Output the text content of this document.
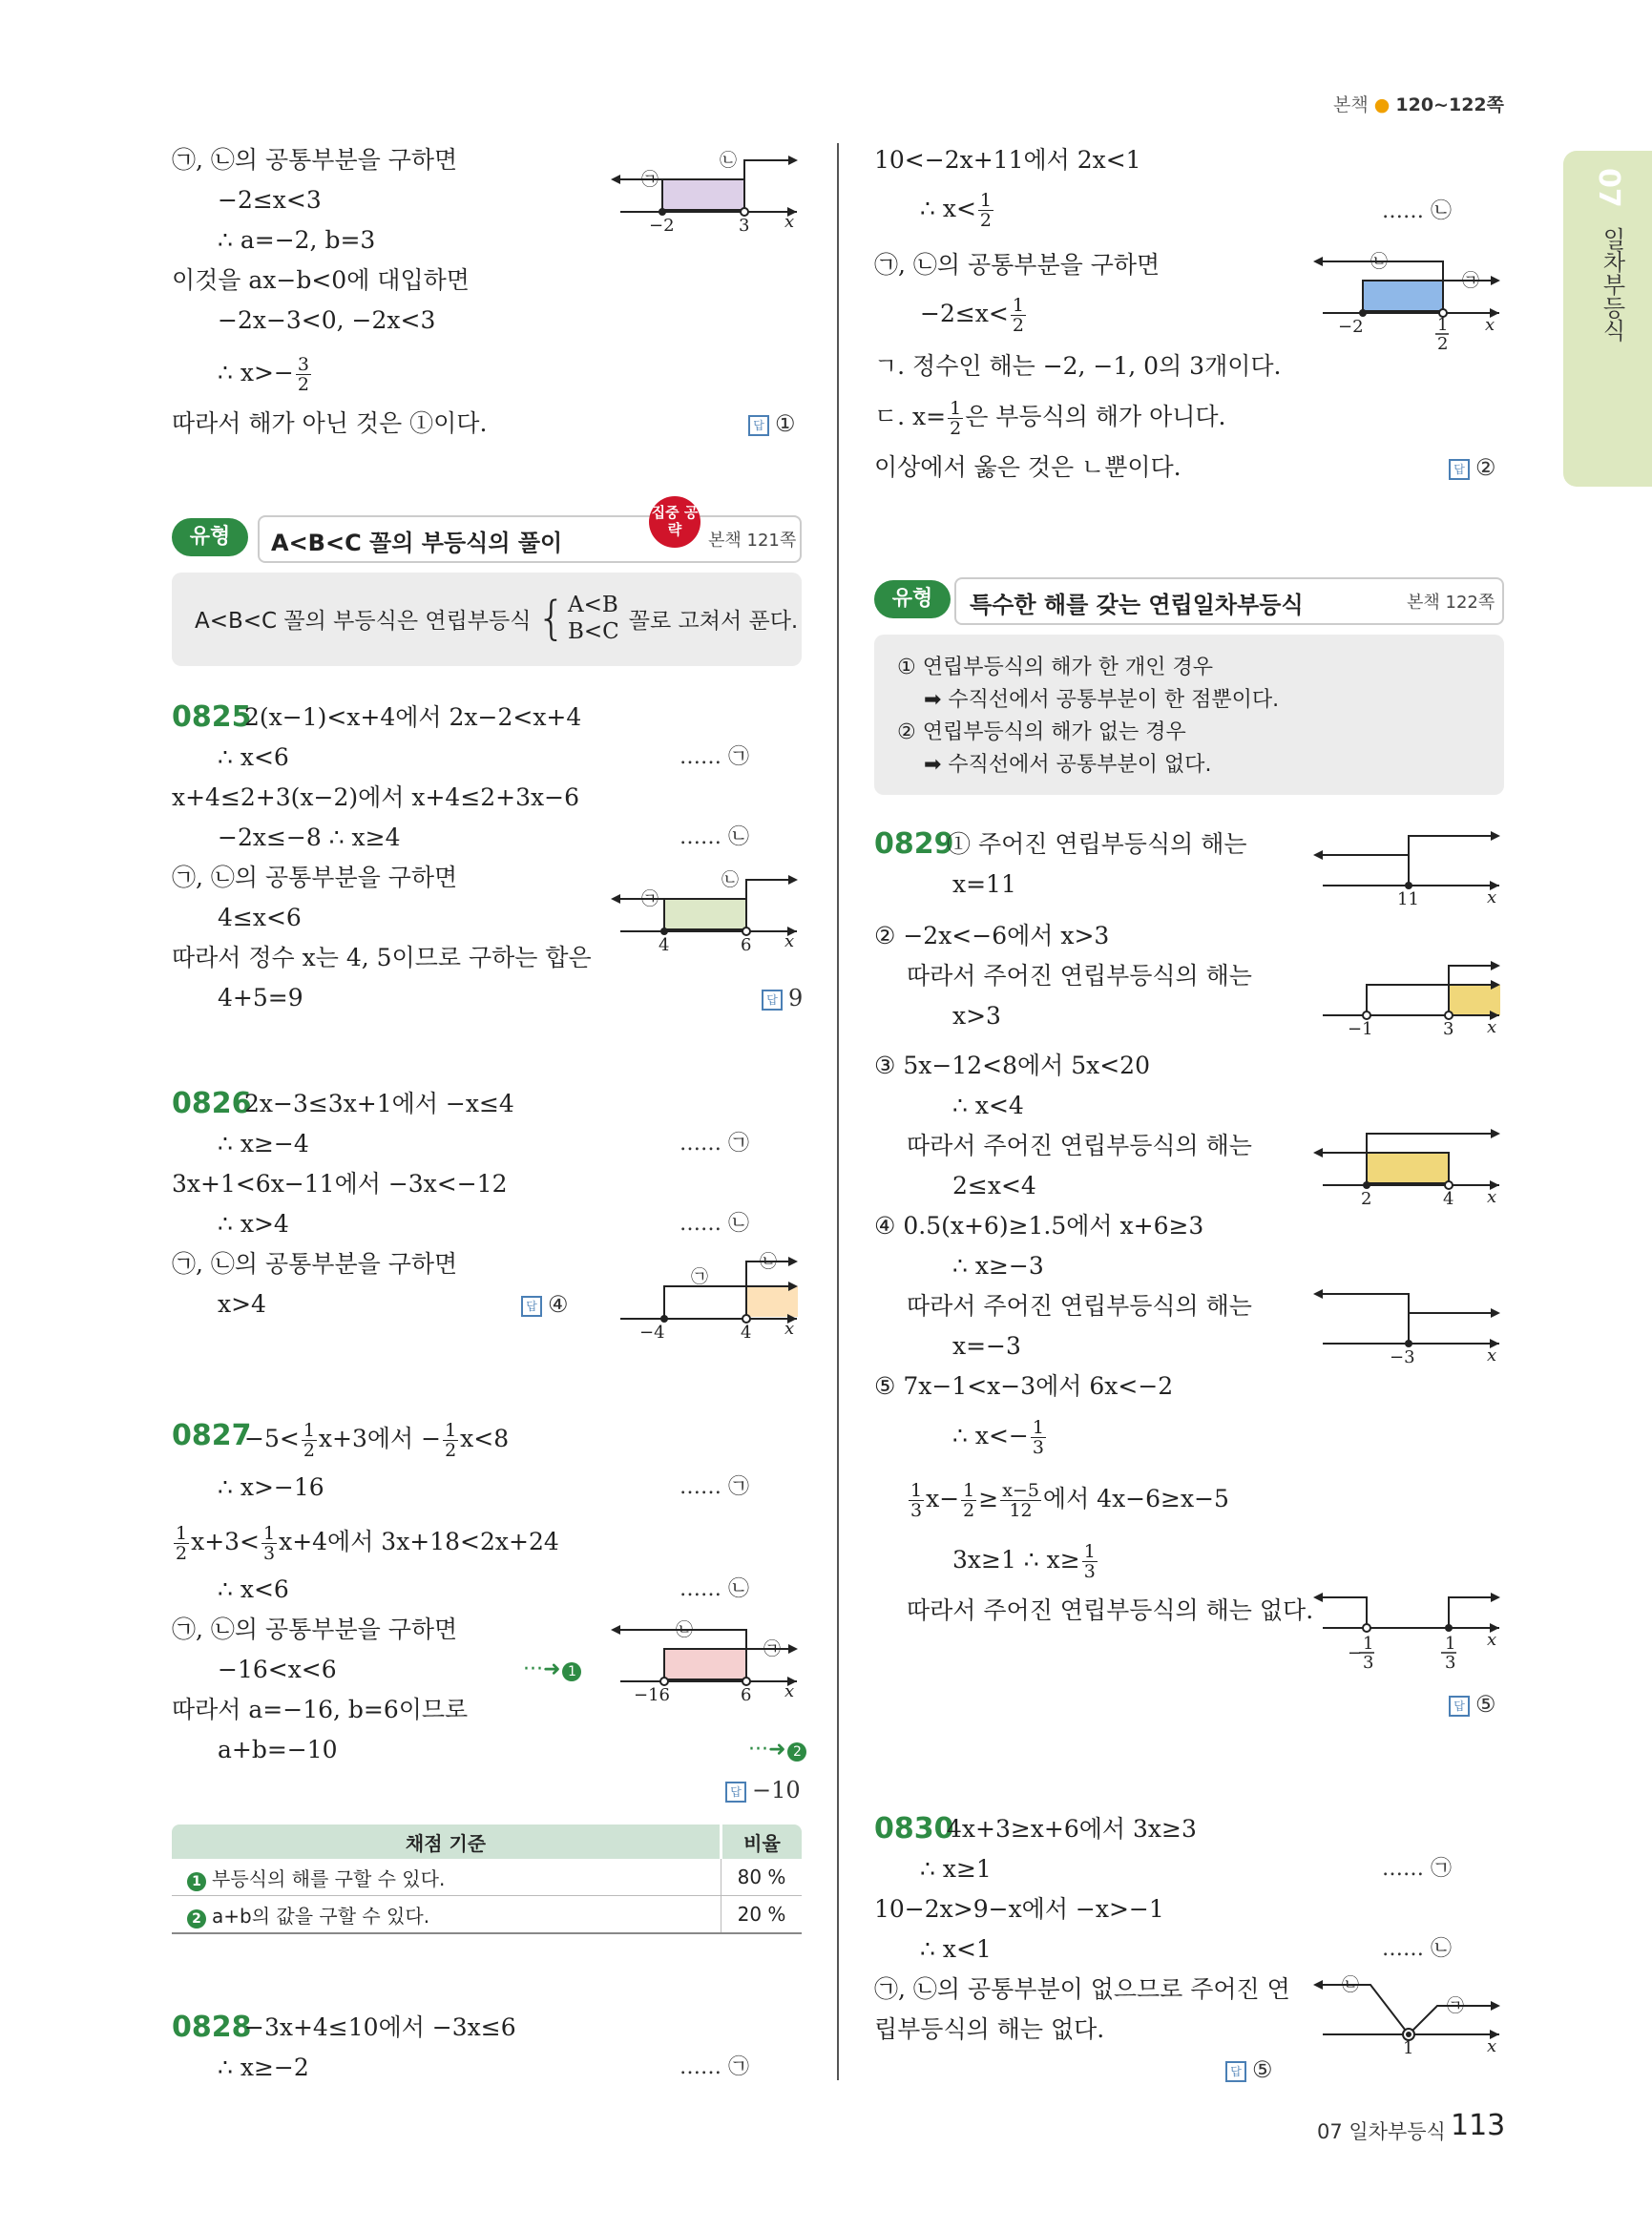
본책 ● 120~122쪽
07
일차부등식
㉠, ㉡의 공통부분을 구하면
−2≤x<3
∴ a=−2, b=3
이것을 ax−b<0에 대입하면
−2x−3<0, −2x<3
∴ $x>- \frac{3}{2}$
따라서 해가 아닌 것은 ①이다.	답 ①
㉠
㉡
−2	3 x
유형	A<B<C 꼴의 부등식의 풀이
집중 공략
본책 121쪽
A<B<C 꼴의 부등식은 연립부등식 { A<B
B<C 꼴로 고쳐서 푼다.
0825
2(x−1)<x+4에서 2x−2<x+4
∴ x<6	…… ㉠
x+4≤2+3(x−2)에서 x+4≤2+3x−6
−2x≤−8 ∴ x≥4	…… ㉡
㉠, ㉡의 공통부분을 구하면
4≤x<6
따라서 정수 x는 4, 5이므로 구하는 합은
4+5=9	답 9
㉠
㉡
4	6 x
0826
2x−3≤3x+1에서 −x≤4
∴ x≥−4	…… ㉠
3x+1<6x−11에서 −3x<−12
∴ x>4	…… ㉡
㉠, ㉡의 공통부분을 구하면
x>4	답 ④
㉠
㉡
−4	4 x
0827
$-5< \frac{1}{2} x+3$에서 − $\frac{1}{2} x<8$
∴ x>−16	…… ㉠
$\frac{1}{2} x+3< \frac{1}{3} x+4$에서 3x+18<2x+24
∴ x<6	…… ㉡
㉠, ㉡의 공통부분을 구하면
−16<x<6	···➜ 1
따라서 a=−16, b=6이므로
a+b=−10	···➜ 2
답 −10
㉠
㉡
−16	6 x
채점 기준	비율
1 부등식의 해를 구할 수 있다.	80 %
2 a+b의 값을 구할 수 있다.	20 %
0828
−3x+4≤10에서 −3x≤6
∴ x≥−2	…… ㉠
10<−2x+11에서 2x<1
∴ $x< \frac{1}{2}$	…… ㉡
㉠, ㉡의 공통부분을 구하면
$-2\le x< \frac{1}{2}$
ㄱ. 정수인 해는 −2, −1, 0의 3개이다.
ㄷ. $x= \frac{1}{2}$ 은 부등식의 해가 아니다.
이상에서 옳은 것은 ㄴ뿐이다.	답 ②
㉠
㉡
−2	1
2
x
유형	특수한 해를 갖는 연립일차부등식	본책 122쪽
① 연립부등식의 해가 한 개인 경우
➡ 수직선에서 공통부분이 한 점뿐이다.
② 연립부등식의 해가 없는 경우
➡ 수직선에서 공통부분이 없다.
0829
① 주어진 연립부등식의 해는
x=11
② −2x<−6에서 x>3
따라서 주어진 연립부등식의 해는
x>3
③ 5x−12<8에서 5x<20
∴ x<4
따라서 주어진 연립부등식의 해는
2≤x<4
④ 0.5(x+6)≥1.5에서 x+6≥3
∴ x≥−3
따라서 주어진 연립부등식의 해는
x=−3
⑤ 7x−1<x−3에서 6x<−2
∴ $x<- \frac{1}{3}$
$\frac{1}{3} x- \frac{1}{2} \ge \frac{x-5}{12}$ 에서 4x−6≥x−5
3x≥1 ∴ $x\ge \frac{1}{3}$
따라서 주어진 연립부등식의 해는 없다.
답 ⑤
11	x
−1	3 x
2	4 x
−3	x
− 1
3
1
3
x
0830
4x+3≥x+6에서 3x≥3
∴ x≥1	…… ㉠
10−2x>9−x에서 −x>−1
∴ x<1	…… ㉡
㉠, ㉡의 공통부분이 없으므로 주어진 연
립부등식의 해는 없다.
답 ⑤
㉡
㉠
1	x
07 일차부등식 113
